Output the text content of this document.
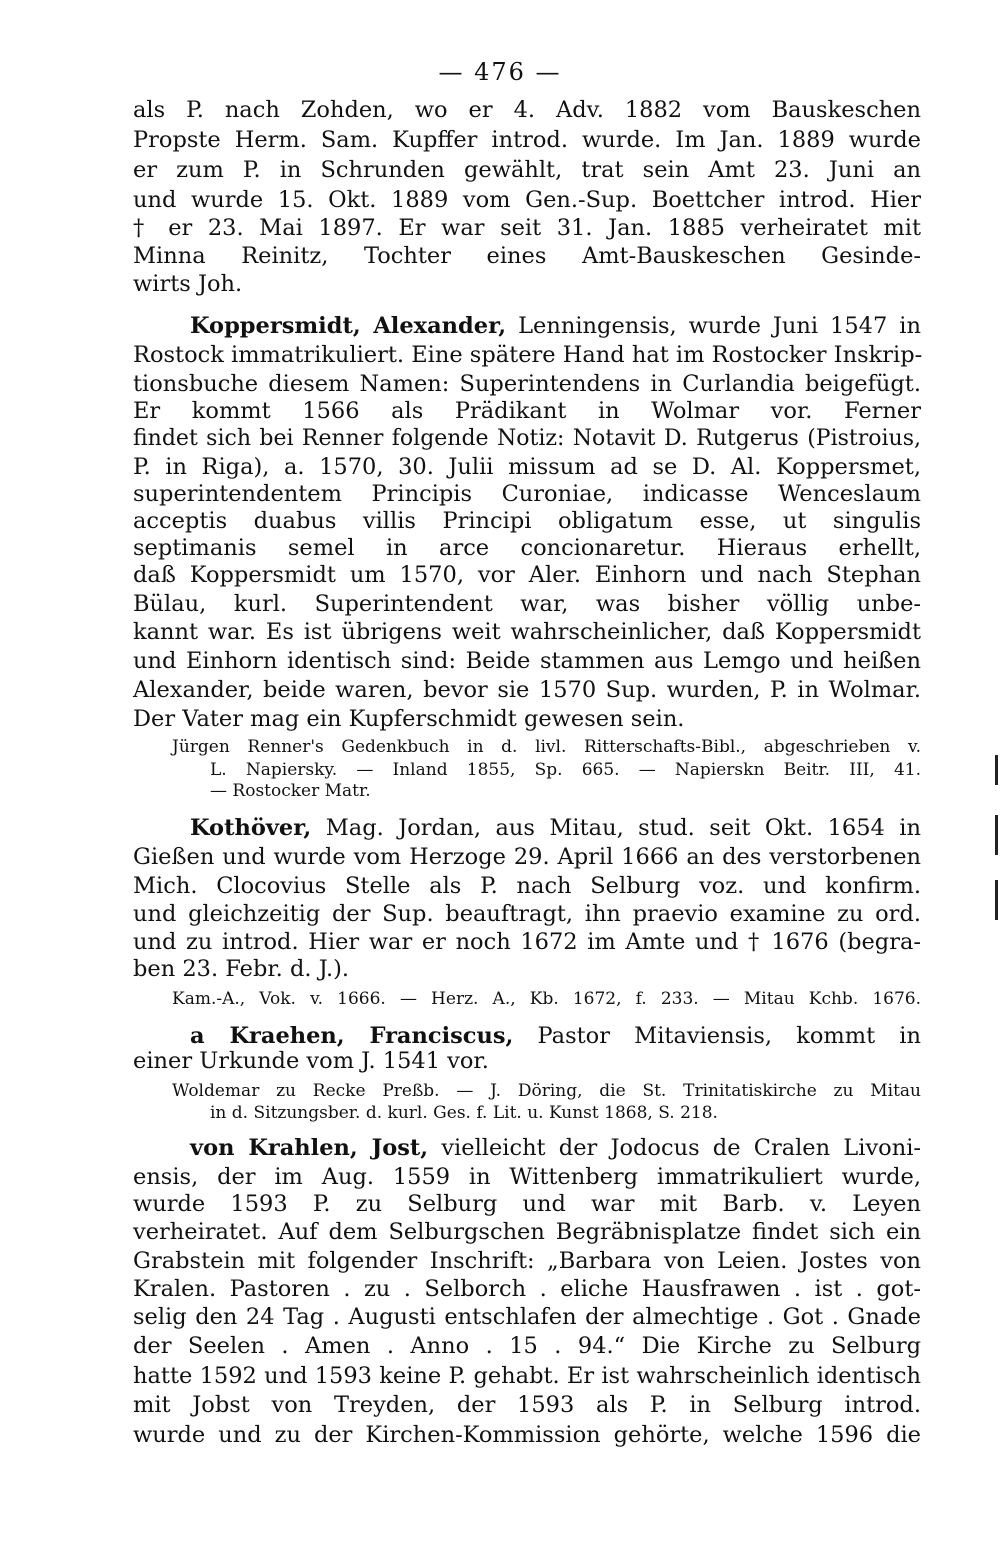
— 476 —
als P. nach Zohden, wo er 4. Adv. 1882 vom Bauskeschen
Propste Herm. Sam. Kupffer introd. wurde. Im Jan. 1889 wurde
er zum P. in Schrunden gewählt, trat sein Amt 23. Juni an
und wurde 15. Okt. 1889 vom Gen.-Sup. Boettcher introd. Hier
† er 23. Mai 1897. Er war seit 31. Jan. 1885 verheiratet mit
Minna Reinitz, Tochter eines Amt-Bauskeschen Gesinde-
wirts Joh.
Koppersmidt, Alexander, Lenningensis, wurde Juni 1547 in
Rostock immatrikuliert. Eine spätere Hand hat im Rostocker Inskrip-
tionsbuche diesem Namen: Superintendens in Curlandia beigefügt.
Er kommt 1566 als Prädikant in Wolmar vor. Ferner
findet sich bei Renner folgende Notiz: Notavit D. Rutgerus (Pistroius,
P. in Riga), a. 1570, 30. Julii missum ad se D. Al. Koppersmet,
superintendentem Principis Curoniae, indicasse Wenceslaum
acceptis duabus villis Principi obligatum esse, ut singulis
septimanis semel in arce concionaretur. Hieraus erhellt,
daß Koppersmidt um 1570, vor Aler. Einhorn und nach Stephan
Bülau, kurl. Superintendent war, was bisher völlig unbe-
kannt war. Es ist übrigens weit wahrscheinlicher, daß Koppersmidt
und Einhorn identisch sind: Beide stammen aus Lemgo und heißen
Alexander, beide waren, bevor sie 1570 Sup. wurden, P. in Wolmar.
Der Vater mag ein Kupferschmidt gewesen sein.
Jürgen Renner's Gedenkbuch in d. livl. Ritterschafts-Bibl., abgeschrieben v.
L. Napiersky. — Inland 1855, Sp. 665. — Napierskn Beitr. III, 41.
— Rostocker Matr.
Kothöver, Mag. Jordan, aus Mitau, stud. seit Okt. 1654 in
Gießen und wurde vom Herzoge 29. April 1666 an des verstorbenen
Mich. Clocovius Stelle als P. nach Selburg voz. und konfirm.
und gleichzeitig der Sup. beauftragt, ihn praevio examine zu ord.
und zu introd. Hier war er noch 1672 im Amte und † 1676 (begra-
ben 23. Febr. d. J.).
Kam.-A., Vok. v. 1666. — Herz. A., Kb. 1672, f. 233. — Mitau Kchb. 1676.
a Kraehen, Franciscus, Pastor Mitaviensis, kommt in
einer Urkunde vom J. 1541 vor.
Woldemar zu Recke Preßb. — J. Döring, die St. Trinitatiskirche zu Mitau
in d. Sitzungsber. d. kurl. Ges. f. Lit. u. Kunst 1868, S. 218.
von Krahlen, Jost, vielleicht der Jodocus de Cralen Livoni-
ensis, der im Aug. 1559 in Wittenberg immatrikuliert wurde,
wurde 1593 P. zu Selburg und war mit Barb. v. Leyen
verheiratet. Auf dem Selburgschen Begräbnisplatze findet sich ein
Grabstein mit folgender Inschrift: „Barbara von Leien. Jostes von
Kralen. Pastoren . zu . Selborch . eliche Hausfrawen . ist . got-
selig den 24 Tag . Augusti entschlafen der almechtige . Got . Gnade
der Seelen . Amen . Anno . 15 . 94.“ Die Kirche zu Selburg
hatte 1592 und 1593 keine P. gehabt. Er ist wahrscheinlich identisch
mit Jobst von Treyden, der 1593 als P. in Selburg introd.
wurde und zu der Kirchen-Kommission gehörte, welche 1596 die
